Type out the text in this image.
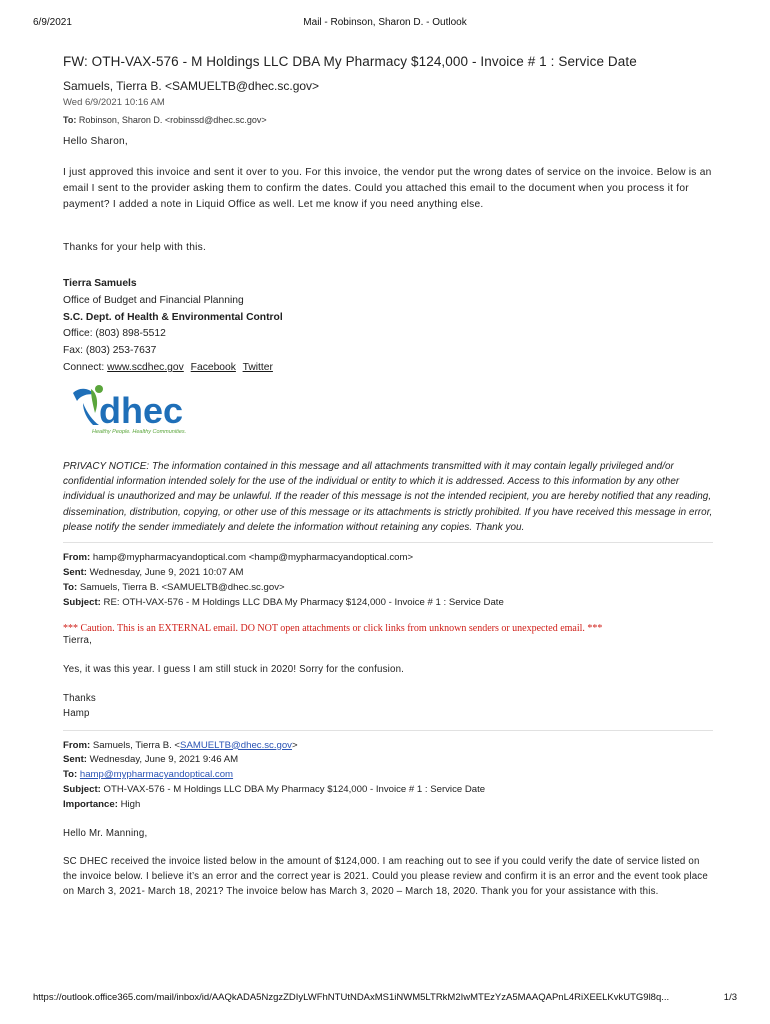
6/9/2021	Mail - Robinson, Sharon D. - Outlook
FW: OTH-VAX-576 - M Holdings LLC DBA My Pharmacy $124,000 - Invoice # 1 : Service Date
Samuels, Tierra B. <SAMUELTB@dhec.sc.gov>
Wed 6/9/2021 10:16 AM
To: Robinson, Sharon D. <robinssd@dhec.sc.gov>
Hello Sharon,
I just approved this invoice and sent it over to you. For this invoice, the vendor put the wrong dates of service on the invoice. Below is an email I sent to the provider asking them to confirm the dates. Could you attached this email to the document when you process it for payment? I added a note in Liquid Office as well. Let me know if you need anything else.
Thanks for your help with this.
Tierra Samuels
Office of Budget and Financial Planning
S.C. Dept. of Health & Environmental Control
Office: (803) 898-5512
Fax: (803) 253-7637
Connect: www.scdhec.gov Facebook Twitter
dhec
Healthy People. Healthy Communities.
PRIVACY NOTICE: The information contained in this message and all attachments transmitted with it may contain legally privileged and/or confidential information intended solely for the use of the individual or entity to which it is addressed. Access to this information by any other individual is unauthorized and may be unlawful. If the reader of this message is not the intended recipient, you are hereby notified that any reading, dissemination, distribution, copying, or other use of this message or its attachments is strictly prohibited. If you have received this message in error, please notify the sender immediately and delete the information without retaining any copies. Thank you.
From: hamp@mypharmacyandoptical.com <hamp@mypharmacyandoptical.com>
Sent: Wednesday, June 9, 2021 10:07 AM
To: Samuels, Tierra B. <SAMUELTB@dhec.sc.gov>
Subject: RE: OTH-VAX-576 - M Holdings LLC DBA My Pharmacy $124,000 - Invoice # 1 : Service Date
*** Caution. This is an EXTERNAL email. DO NOT open attachments or click links from unknown senders or unexpected email. ***
Tierra,
Yes, it was this year. I guess I am still stuck in 2020! Sorry for the confusion.
Thanks
Hamp
From: Samuels, Tierra B. <SAMUELTB@dhec.sc.gov>
Sent: Wednesday, June 9, 2021 9:46 AM
To: hamp@mypharmacyandoptical.com
Subject: OTH-VAX-576 - M Holdings LLC DBA My Pharmacy $124,000 - Invoice # 1 : Service Date
Importance: High
Hello Mr. Manning,
SC DHEC received the invoice listed below in the amount of $124,000. I am reaching out to see if you could verify the date of service listed on the invoice below. I believe it’s an error and the correct year is 2021. Could you please review and confirm it is an error and the event took place on March 3, 2021- March 18, 2021? The invoice below has March 3, 2020 – March 18, 2020. Thank you for your assistance with this.
https://outlook.office365.com/mail/inbox/id/AAQkADA5NzgzZDIyLWFhNTUtNDAxMS1iNWM5LTRkM2IwMTEzYzA5MAAQAPnL4RiXEELKvkUTG9l8q...	1/3
